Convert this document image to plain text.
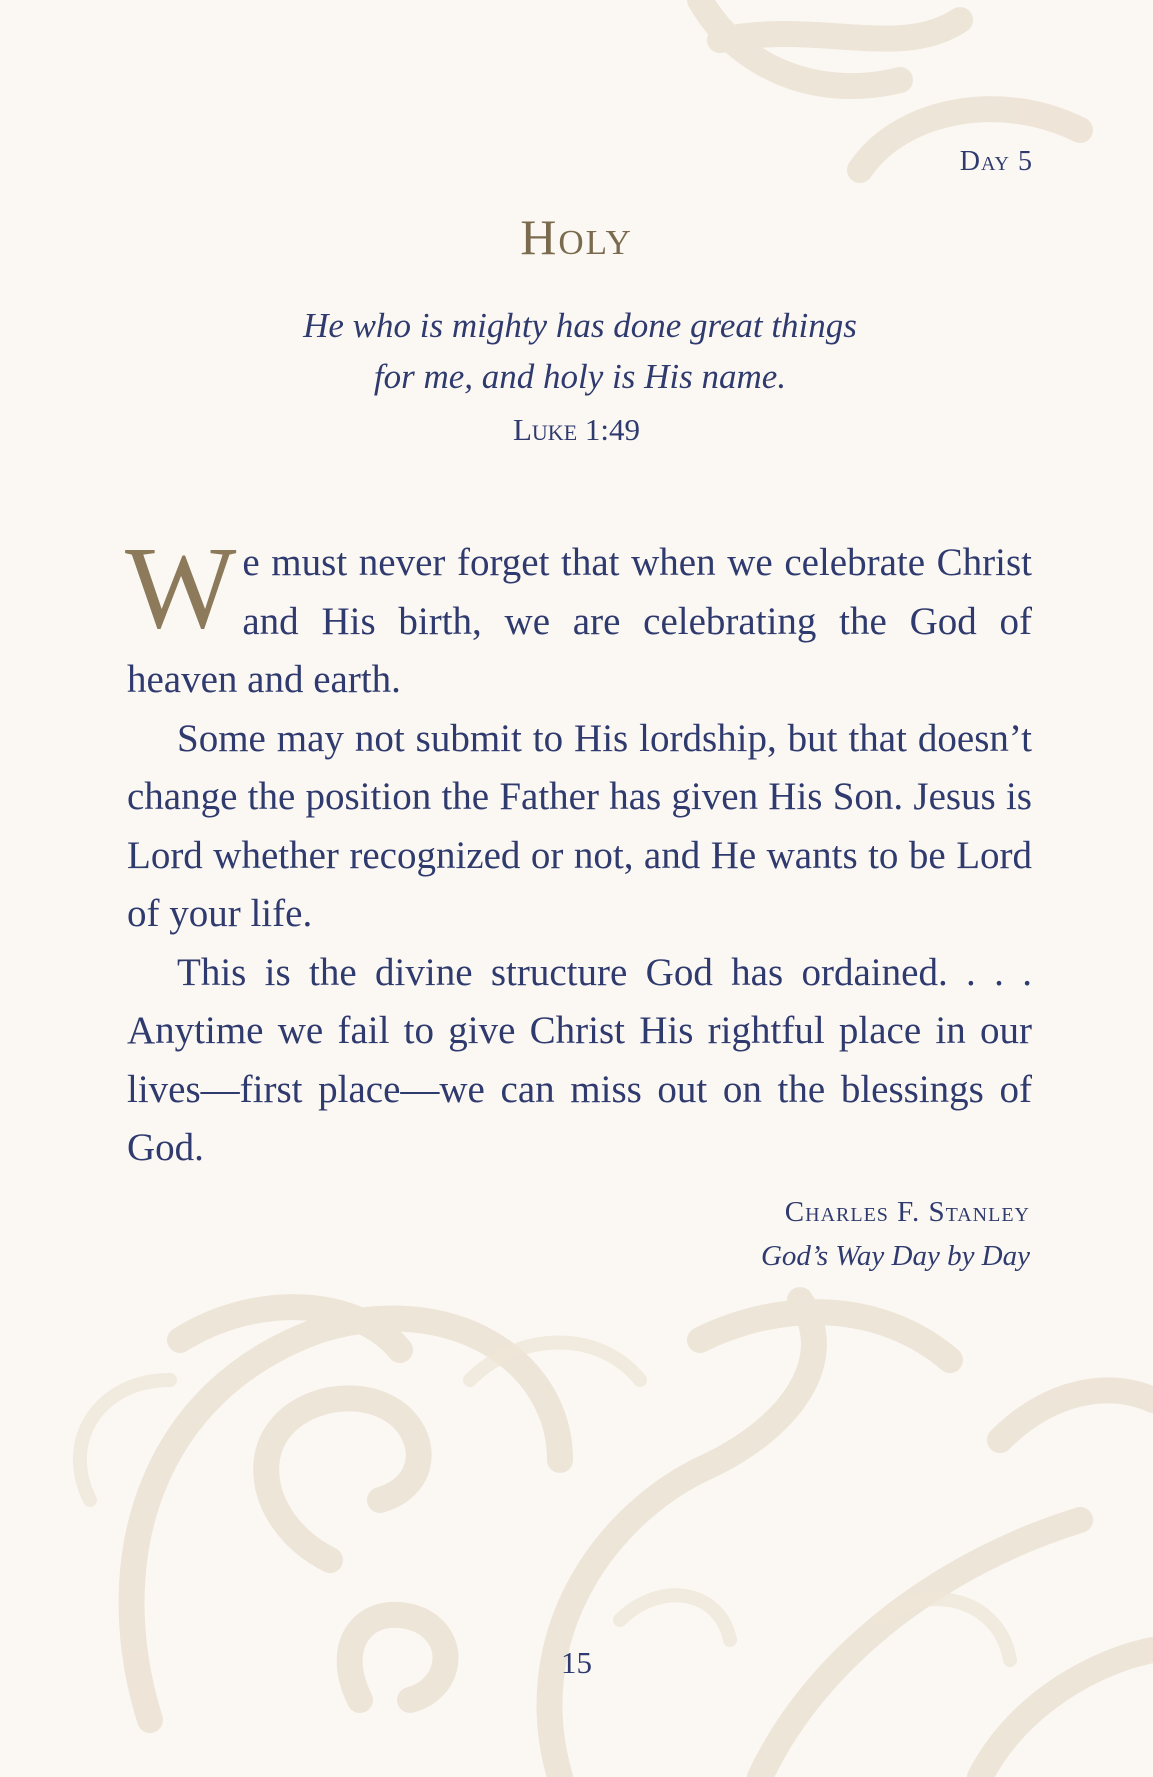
Day 5
Holy
He who is mighty has done great things
for me, and holy is His name.
Luke 1:49

We must never forget that when we celebrate Christ and His birth, we are celebrating the God of heaven and earth.

Some may not submit to His lordship, but that doesn’t change the position the Father has given His Son. Jesus is Lord whether recognized or not, and He wants to be Lord of your life.

This is the divine structure God has ordained. . . . Anytime we fail to give Christ His rightful place in our lives—first place—we can miss out on the blessings of God.

Charles F. Stanley
God’s Way Day by Day
15
